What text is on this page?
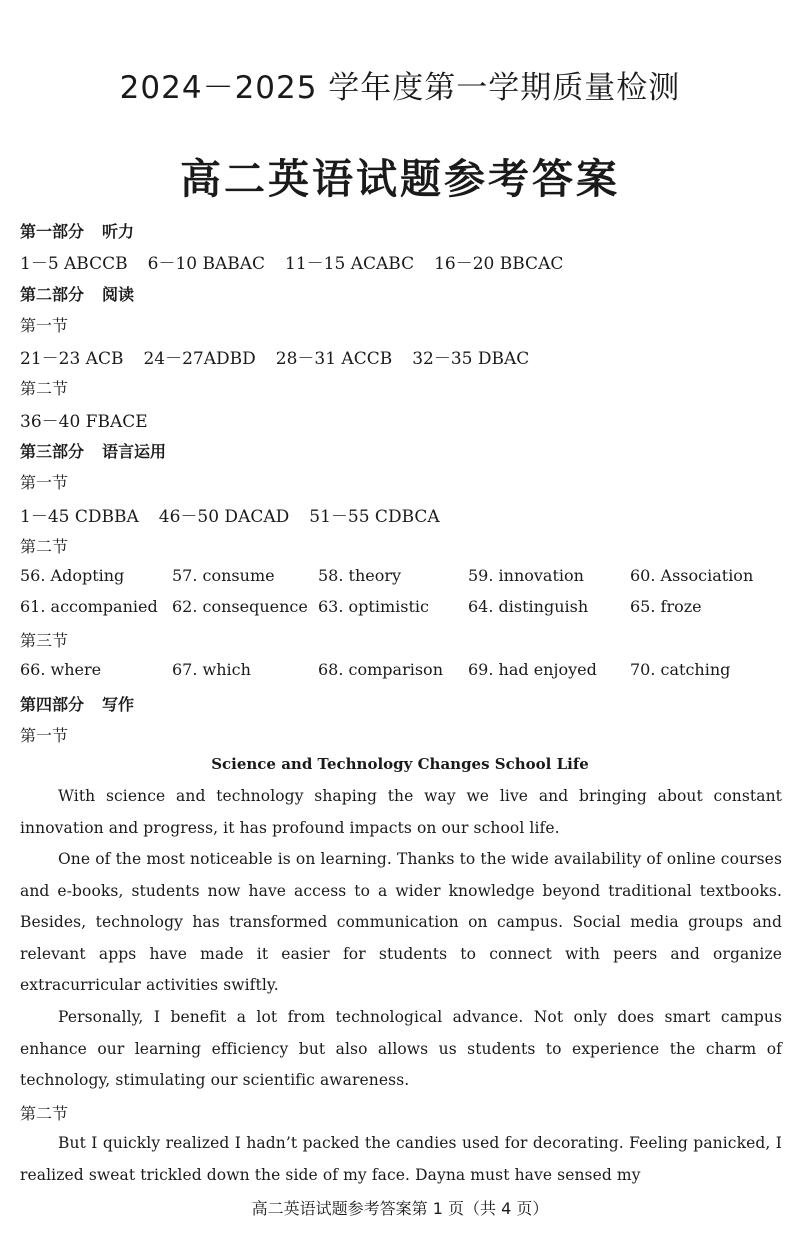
2024－2025 学年度第一学期质量检测
高二英语试题参考答案
第一部分 听力
1－5 ABCCB 6－10 BABAC 11－15 ACABC 16－20 BBCAC
第二部分 阅读
第一节
21－23 ACB 24－27ADBD 28－31 ACCB 32－35 DBAC
第二节
36－40 FBACE
第三部分 语言运用
第一节
1－45 CDBBA 46－50 DACAD 51－55 CDBCA
第二节
56. Adopting	57. consume	58. theory	59. innovation	60. Association
61. accompanied 62. consequence 63. optimistic 64. distinguish	65. froze
第三节
66. where	67. which	68. comparison 69. had enjoyed 70. catching
第四部分 写作
第一节
Science and Technology Changes School Life

With science and technology shaping the way we live and bringing about constant innovation and progress, it has profound impacts on our school life.

One of the most noticeable is on learning. Thanks to the wide availability of online courses and e-books, students now have access to a wider knowledge beyond traditional textbooks. Besides, technology has transformed communication on campus. Social media groups and relevant apps have made it easier for students to connect with peers and organize extracurricular activities swiftly.

Personally, I benefit a lot from technological advance. Not only does smart campus enhance our learning efficiency but also allows us students to experience the charm of technology, stimulating our scientific awareness.

第二节

But I quickly realized I hadn’t packed the candies used for decorating. Feeling panicked, I realized sweat trickled down the side of my face. Dayna must have sensed my

高二英语试题参考答案第 1 页（共 4 页）
